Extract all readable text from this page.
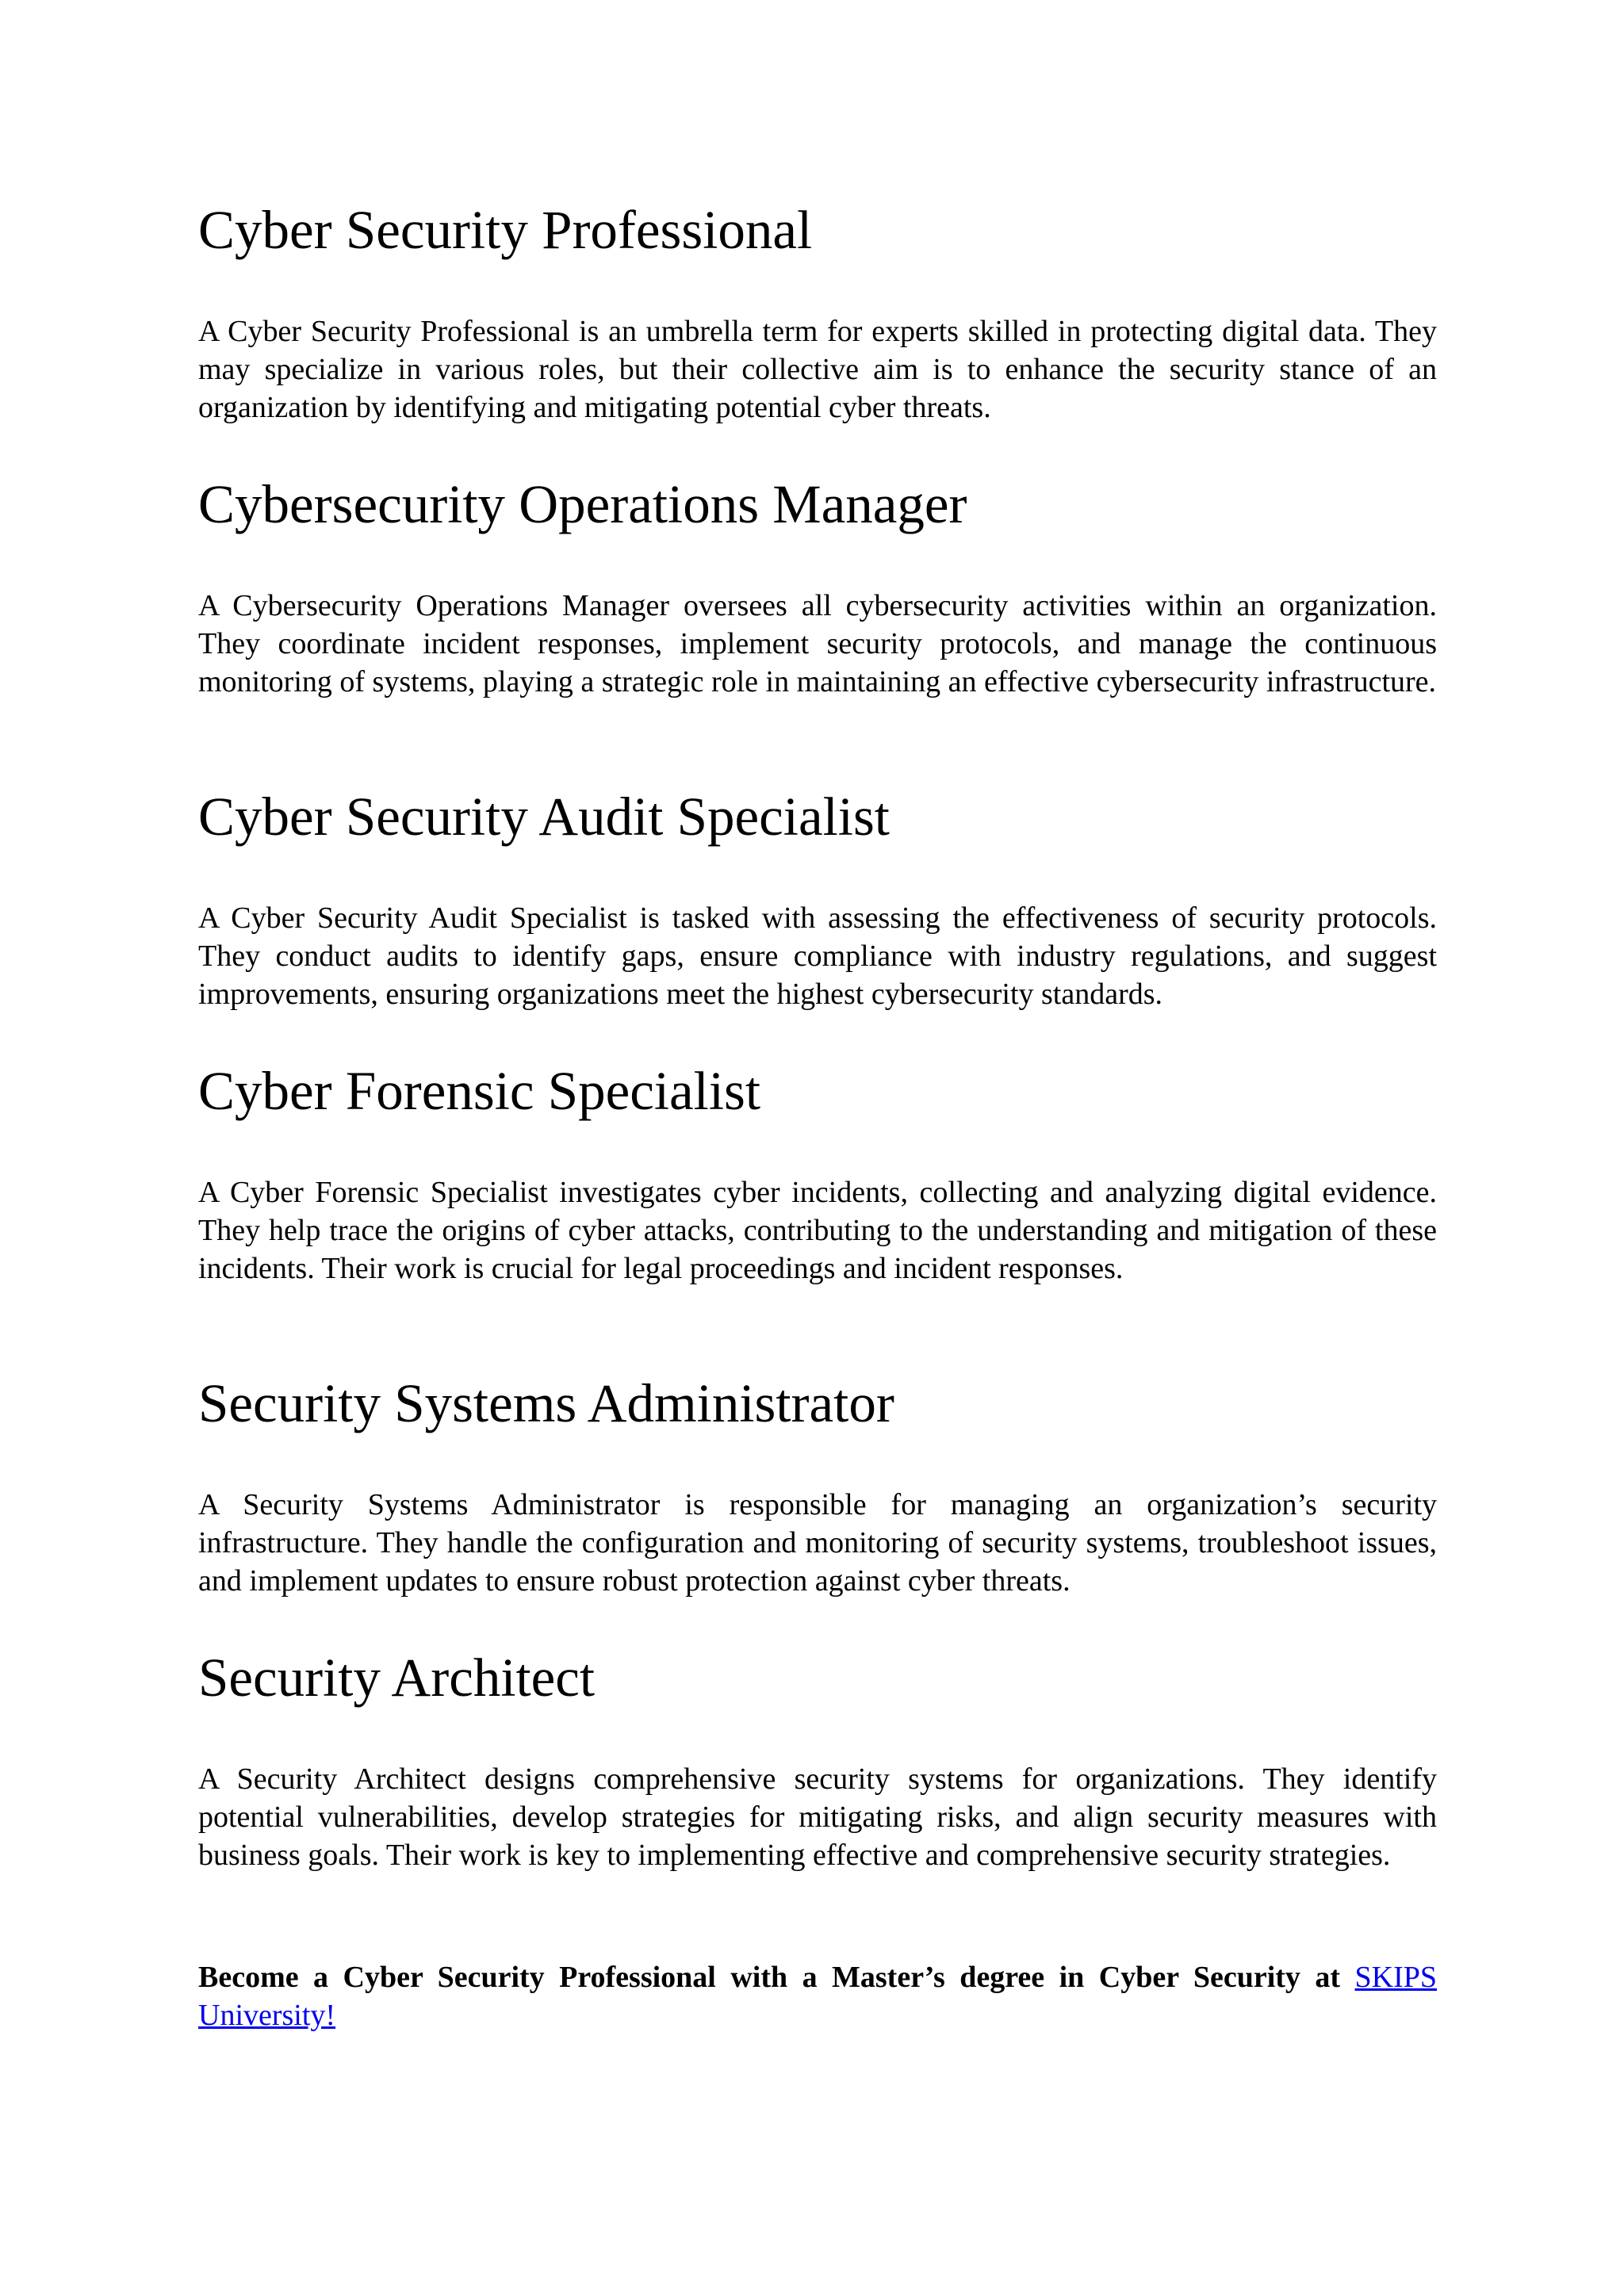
Cyber Security Professional

A Cyber Security Professional is an umbrella term for experts skilled in protecting digital data. They may specialize in various roles, but their collective aim is to enhance the security stance of an organization by identifying and mitigating potential cyber threats.

Cybersecurity Operations Manager

A Cybersecurity Operations Manager oversees all cybersecurity activities within an organization. They coordinate incident responses, implement security protocols, and manage the continuous monitoring of systems, playing a strategic role in maintaining an effective cybersecurity infrastructure.

Cyber Security Audit Specialist

A Cyber Security Audit Specialist is tasked with assessing the effectiveness of security protocols. They conduct audits to identify gaps, ensure compliance with industry regulations, and suggest improvements, ensuring organizations meet the highest cybersecurity standards.

Cyber Forensic Specialist

A Cyber Forensic Specialist investigates cyber incidents, collecting and analyzing digital evidence. They help trace the origins of cyber attacks, contributing to the understanding and mitigation of these incidents. Their work is crucial for legal proceedings and incident responses.

Security Systems Administrator

A Security Systems Administrator is responsible for managing an organization’s security infrastructure. They handle the configuration and monitoring of security systems, troubleshoot issues, and implement updates to ensure robust protection against cyber threats.

Security Architect

A Security Architect designs comprehensive security systems for organizations. They identify potential vulnerabilities, develop strategies for mitigating risks, and align security measures with business goals. Their work is key to implementing effective and comprehensive security strategies.

Become a Cyber Security Professional with a Master’s degree in Cyber Security at SKIPS University!
